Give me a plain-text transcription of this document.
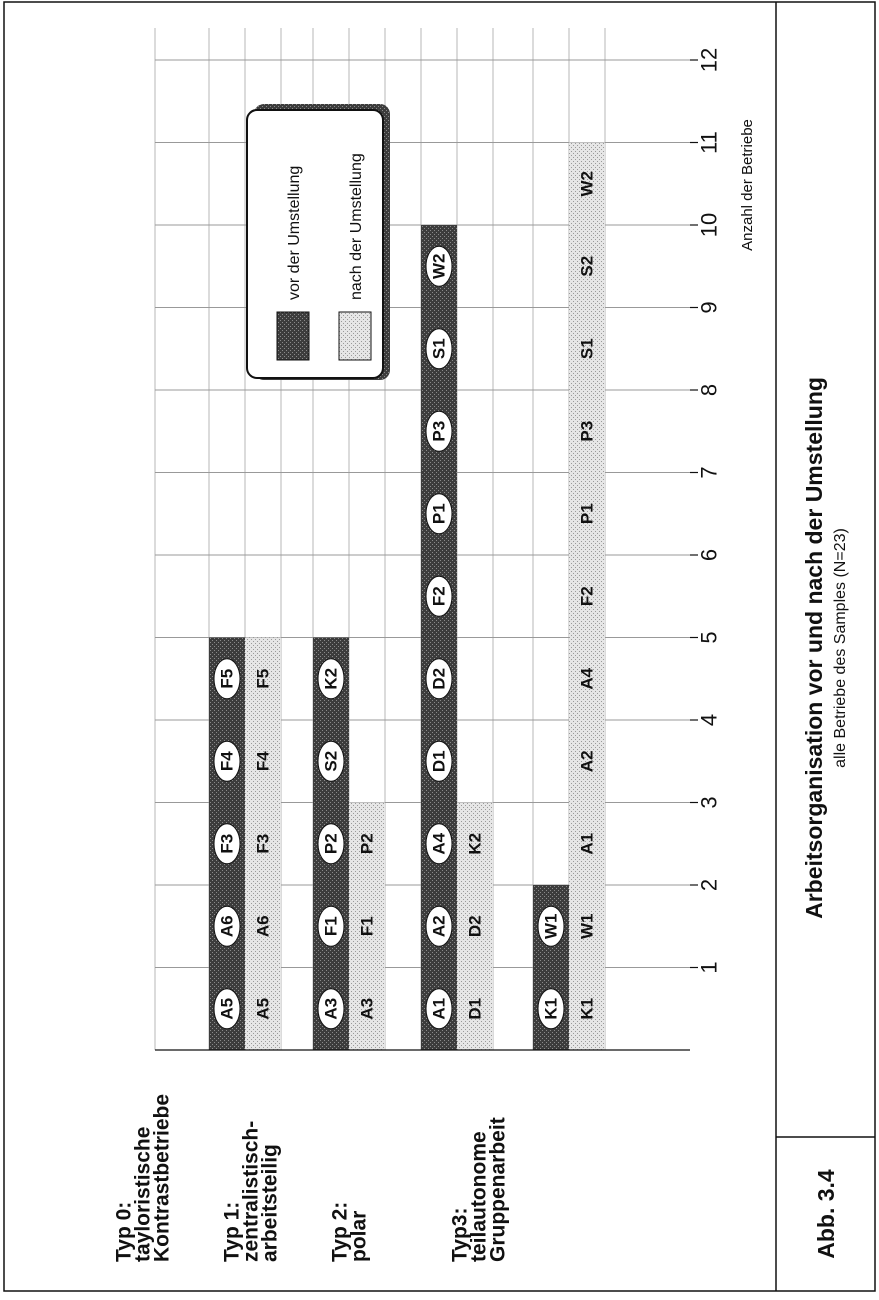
A5
A6
F3
F4
F5
A5
A6
F3
F4
F5
A3
F1
P2
S2
K2
A3
F1
P2
A1
A2
A4
D1
D2
F2
P1
P3
S1
W2
D1
D2
K2
K1
W1
K1
W1
A1
A2
A4
F2
P1
P3
S1
S2
W2
1
2
3
4
5
6
7
8
9
10
11
12
Typ 0:
tayloristische
Kontrastbetriebe Typ 1:
zentralistisch-
arbeitsteilig Typ 2:
polar	Typ3:
teilautonome
Gruppenarbeit
vor der Umstellung	nach der Umstellung	Anzahl der Betriebe
Arbeitsorganisation vor und nach der Umstellung alle Betriebe des Samples (N=23)
Abb. 3.4
